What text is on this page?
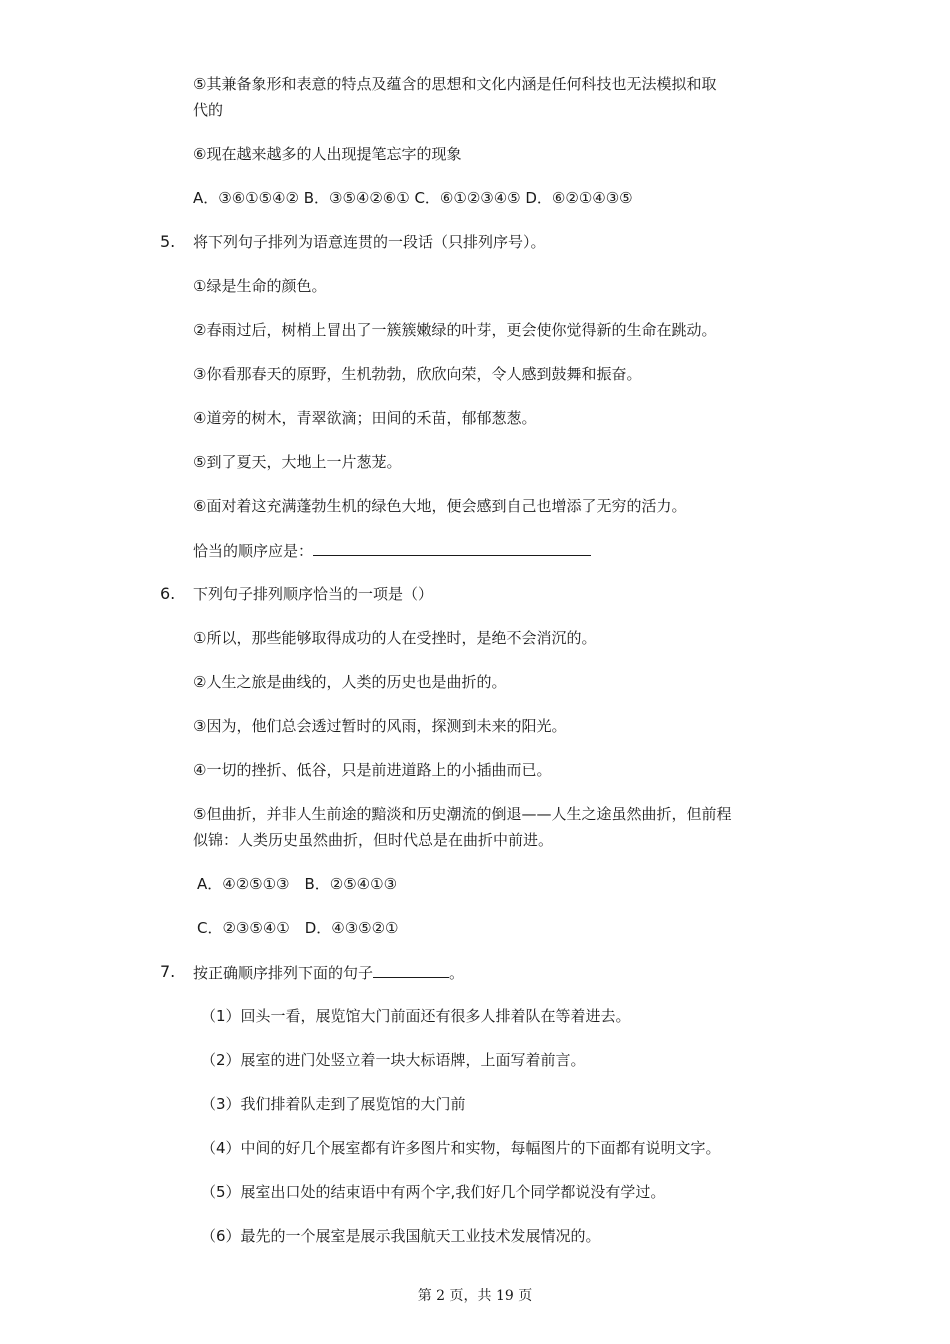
⑤其兼备象形和表意的特点及蕴含的思想和文化内涵是任何科技也无法模拟和取
代的
⑥现在越来越多的人出现提笔忘字的现象
A．③⑥①⑤④② B．③⑤④②⑥① C．⑥①②③④⑤ D．⑥②①④③⑤
5. 将下列句子排列为语意连贯的一段话（只排列序号）。
①绿是生命的颜色。
②春雨过后，树梢上冒出了一簇簇嫩绿的叶芽，更会使你觉得新的生命在跳动。
③你看那春天的原野，生机勃勃，欣欣向荣，令人感到鼓舞和振奋。
④道旁的树木，青翠欲滴；田间的禾苗，郁郁葱葱。
⑤到了夏天，大地上一片葱茏。
⑥面对着这充满蓬勃生机的绿色大地，便会感到自己也增添了无穷的活力。
恰当的顺序应是：
6. 下列句子排列顺序恰当的一项是（）
①所以，那些能够取得成功的人在受挫时，是绝不会消沉的。
②人生之旅是曲线的，人类的历史也是曲折的。
③因为，他们总会透过暂时的风雨，探测到未来的阳光。
④一切的挫折、低谷，只是前进道路上的小插曲而已。
⑤但曲折，并非人生前途的黯淡和历史潮流的倒退——人生之途虽然曲折，但前程
似锦：人类历史虽然曲折，但时代总是在曲折中前进。
A．④②⑤①③　B．②⑤④①③
C．②③⑤④①　D．④③⑤②①
7. 按正确顺序排列下面的句子	。
（1）回头一看，展览馆大门前面还有很多人排着队在等着进去。
（2）展室的进门处竖立着一块大标语牌，上面写着前言。
（3）我们排着队走到了展览馆的大门前
（4）中间的好几个展室都有许多图片和实物，每幅图片的下面都有说明文字。
（5）展室出口处的结束语中有两个字,我们好几个同学都说没有学过。
（6）最先的一个展室是展示我国航天工业技术发展情况的。
第 2 页，共 19 页
